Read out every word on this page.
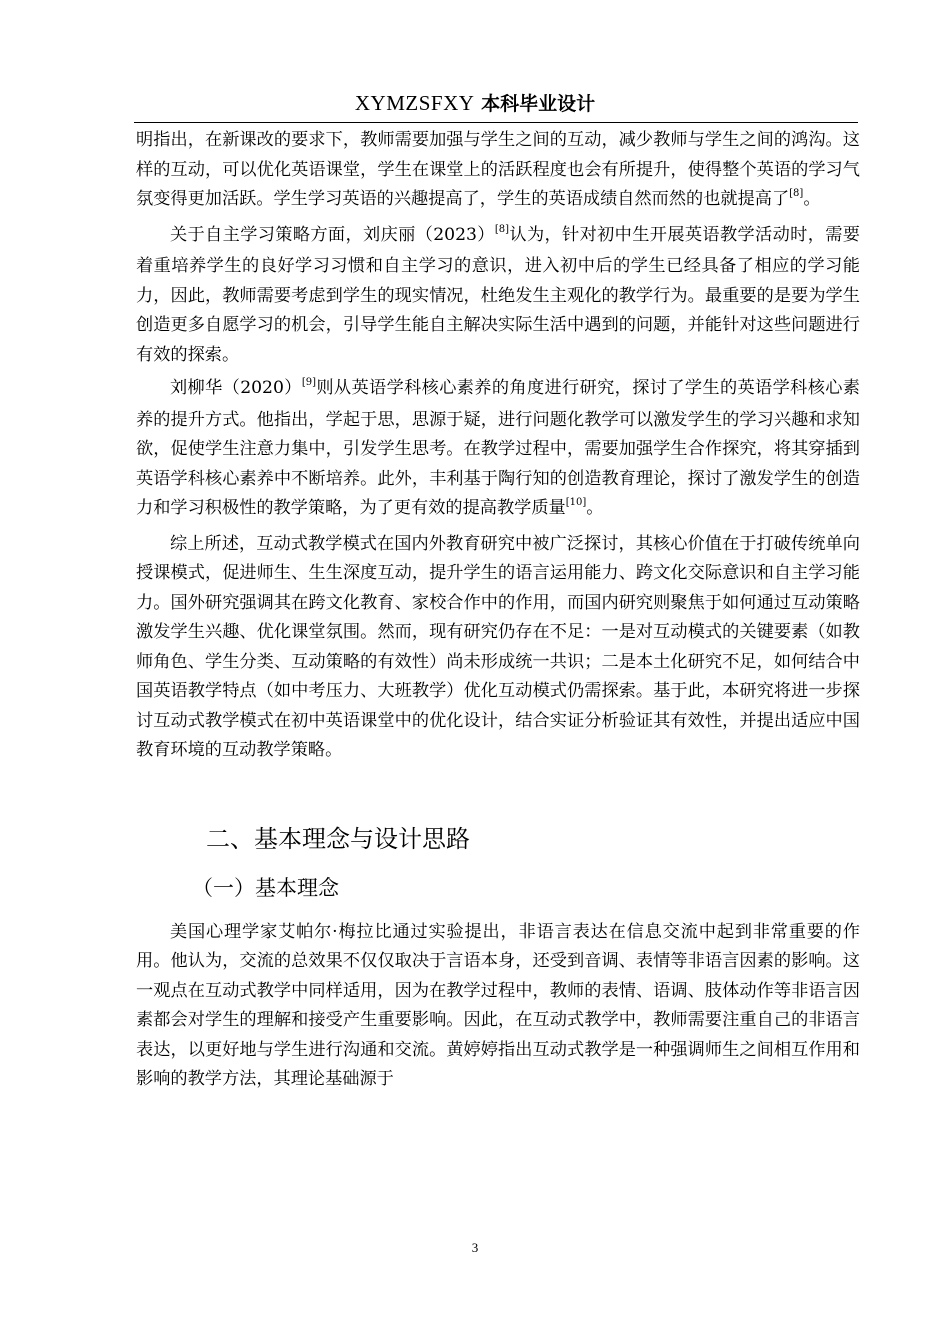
XYMZSFXY 本科毕业设计

明指出，在新课改的要求下，教师需要加强与学生之间的互动，减少教师与学生之间的鸿沟。这样的互动，可以优化英语课堂，学生在课堂上的活跃程度也会有所提升，使得整个英语的学习气氛变得更加活跃。学生学习英语的兴趣提高了，学生的英语成绩自然而然的也就提高了[8]。

关于自主学习策略方面，刘庆丽（2023）[8]认为，针对初中生开展英语教学活动时，需要着重培养学生的良好学习习惯和自主学习的意识，进入初中后的学生已经具备了相应的学习能力，因此，教师需要考虑到学生的现实情况，杜绝发生主观化的教学行为。最重要的是要为学生创造更多自愿学习的机会，引导学生能自主解决实际生活中遇到的问题，并能针对这些问题进行有效的探索。

刘柳华（2020）[9]则从英语学科核心素养的角度进行研究，探讨了学生的英语学科核心素养的提升方式。他指出，学起于思，思源于疑，进行问题化教学可以激发学生的学习兴趣和求知欲，促使学生注意力集中，引发学生思考。在教学过程中，需要加强学生合作探究，将其穿插到英语学科核心素养中不断培养。此外，丰利基于陶行知的创造教育理论，探讨了激发学生的创造力和学习积极性的教学策略，为了更有效的提高教学质量[10]。

综上所述，互动式教学模式在国内外教育研究中被广泛探讨，其核心价值在于打破传统单向授课模式，促进师生、生生深度互动，提升学生的语言运用能力、跨文化交际意识和自主学习能力。国外研究强调其在跨文化教育、家校合作中的作用，而国内研究则聚焦于如何通过互动策略激发学生兴趣、优化课堂氛围。然而，现有研究仍存在不足：一是对互动模式的关键要素（如教师角色、学生分类、互动策略的有效性）尚未形成统一共识；二是本土化研究不足，如何结合中国英语教学特点（如中考压力、大班教学）优化互动模式仍需探索。基于此，本研究将进一步探讨互动式教学模式在初中英语课堂中的优化设计，结合实证分析验证其有效性，并提出适应中国教育环境的互动教学策略。

二、基本理念与设计思路
（一）基本理念

美国心理学家艾帕尔·梅拉比通过实验提出，非语言表达在信息交流中起到非常重要的作用。他认为，交流的总效果不仅仅取决于言语本身，还受到音调、表情等非语言因素的影响。这一观点在互动式教学中同样适用，因为在教学过程中，教师的表情、语调、肢体动作等非语言因素都会对学生的理解和接受产生重要影响。因此，在互动式教学中，教师需要注重自己的非语言表达，以更好地与学生进行沟通和交流。黄婷婷指出互动式教学是一种强调师生之间相互作用和影响的教学方法，其理论基础源于

3
